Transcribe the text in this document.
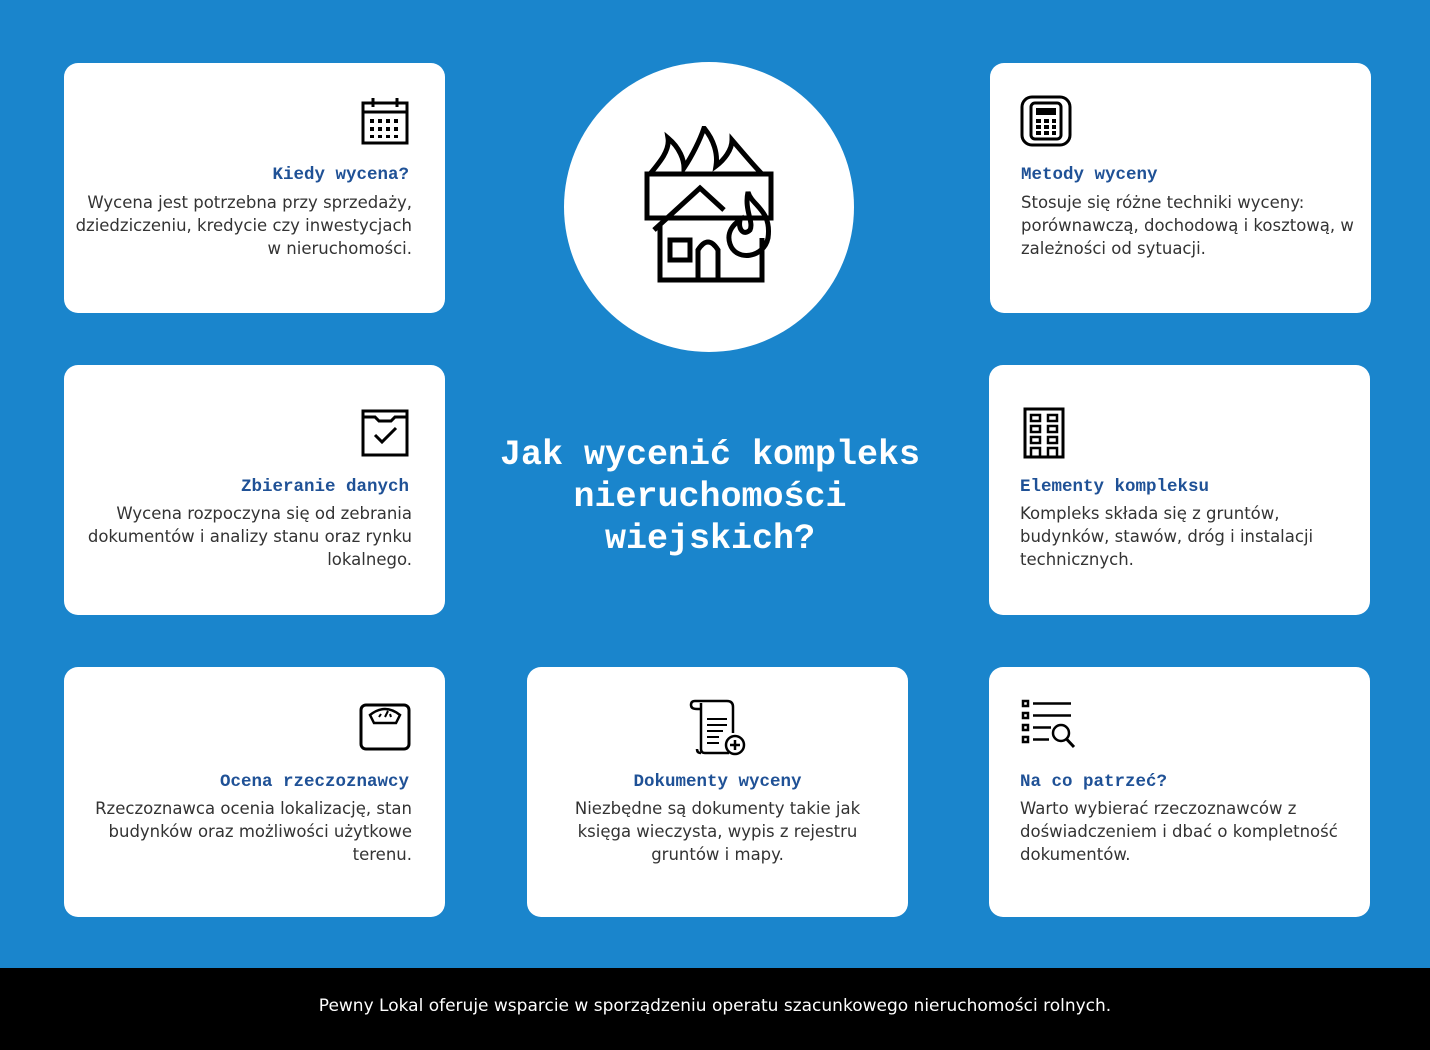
Kiedy wycena?
Wycena jest potrzebna przy sprzedaży, dziedziczeniu, kredycie czy inwestycjach w nieruchomości.
Metody wyceny
Stosuje się różne techniki wyceny: porównawczą, dochodową i kosztową, w zależności od sytuacji.
Zbieranie danych
Wycena rozpoczyna się od zebrania dokumentów i analizy stanu oraz rynku lokalnego.
Jak wycenić kompleks nieruchomości wiejskich?
Elementy kompleksu
Kompleks składa się z gruntów, budynków, stawów, dróg i instalacji technicznych.
Ocena rzeczoznawcy
Rzeczoznawca ocenia lokalizację, stan budynków oraz możliwości użytkowe terenu.
Dokumenty wyceny
Niezbędne są dokumenty takie jak księga wieczysta, wypis z rejestru gruntów i mapy.
Na co patrzeć?
Warto wybierać rzeczoznawców z doświadczeniem i dbać o kompletność dokumentów.
Pewny Lokal oferuje wsparcie w sporządzeniu operatu szacunkowego nieruchomości rolnych.
